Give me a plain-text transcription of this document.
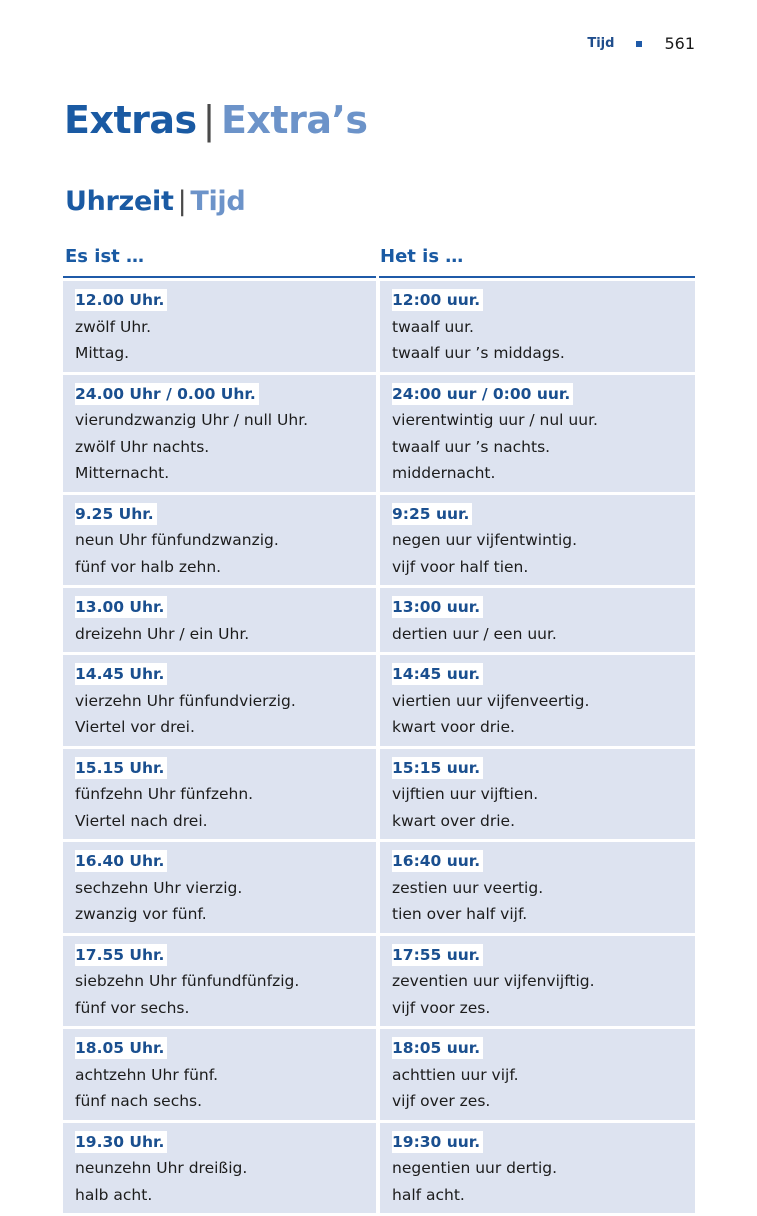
Tijd	561
Extras | Extra’s
Uhrzeit | Tijd
Es ist …	Het is …
12.00 Uhr.
zwölf Uhr.
Mittag.
12:00 uur.
twaalf uur.
twaalf uur ’s middags.
24.00 Uhr / 0.00 Uhr.
vierundzwanzig Uhr / null Uhr.
zwölf Uhr nachts.
Mitternacht.
24:00 uur / 0:00 uur.
vierentwintig uur / nul uur.
twaalf uur ’s nachts.
middernacht.
9.25 Uhr.
neun Uhr fünfundzwanzig.
fünf vor halb zehn.
9:25 uur.
negen uur vijfentwintig.
vijf voor half tien.
13.00 Uhr.
dreizehn Uhr / ein Uhr.
13:00 uur.
dertien uur / een uur.
14.45 Uhr.
vierzehn Uhr fünfundvierzig.
Viertel vor drei.
14:45 uur.
viertien uur vijfenveertig.
kwart voor drie.
15.15 Uhr.
fünfzehn Uhr fünfzehn.
Viertel nach drei.
15:15 uur.
vijftien uur vijftien.
kwart over drie.
16.40 Uhr.
sechzehn Uhr vierzig.
zwanzig vor fünf.
16:40 uur.
zestien uur veertig.
tien over half vijf.
17.55 Uhr.
siebzehn Uhr fünfundfünfzig.
fünf vor sechs.
17:55 uur.
zeventien uur vijfenvijftig.
vijf voor zes.
18.05 Uhr.
achtzehn Uhr fünf.
fünf nach sechs.
18:05 uur.
achttien uur vijf.
vijf over zes.
19.30 Uhr.
neunzehn Uhr dreißig.
halb acht.
19:30 uur.
negentien uur dertig.
half acht.
